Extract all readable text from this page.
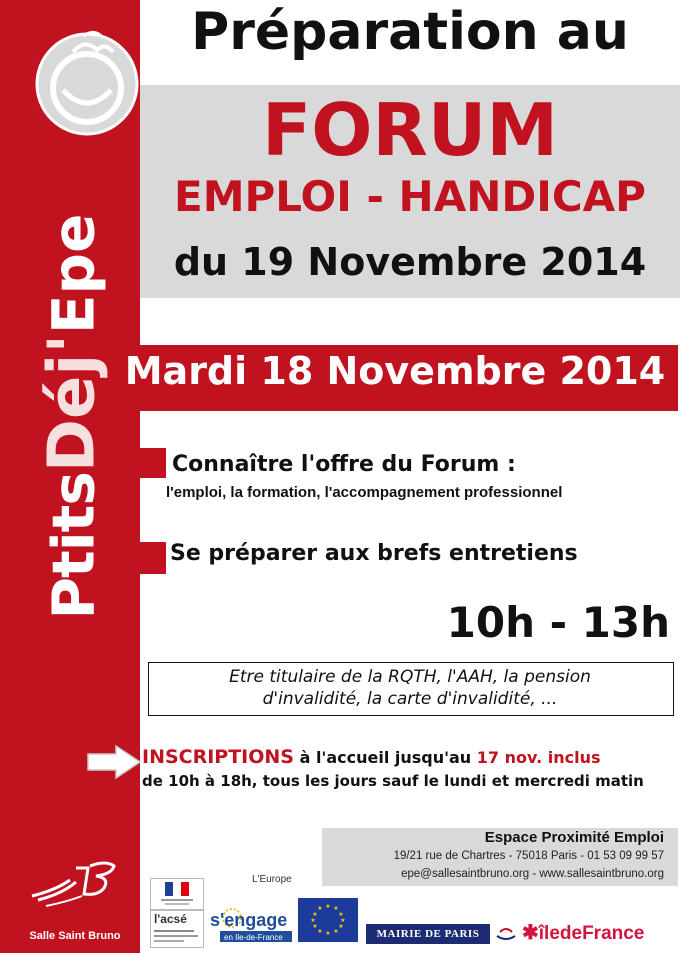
PtitsDéj'Epe
Salle Saint Bruno
Préparation au
FORUM
EMPLOI - HANDICAP
du 19 Novembre 2014
Mardi 18 Novembre 2014
Connaître l'offre du Forum :
l'emploi, la formation, l'accompagnement professionnel
Se préparer aux brefs entretiens
10h - 13h
Etre titulaire de la RQTH, l'AAH, la pension
d'invalidité, la carte d'invalidité, ...
INSCRIPTIONS à l'accueil jusqu'au 17 nov. inclus
de 10h à 18h, tous les jours sauf le lundi et mercredi matin
Espace Proximité Emploi
19/21 rue de Chartres - 75018 Paris - 01 53 09 99 57
epe@sallesaintbruno.org - www.sallesaintbruno.org
l'acsé
L'Europe
s'engage
en Ile-de-France
★ ★
★
★
★
★
★
★
★
★
★
★
MAIRIE DE PARIS	✱îledeFrance
